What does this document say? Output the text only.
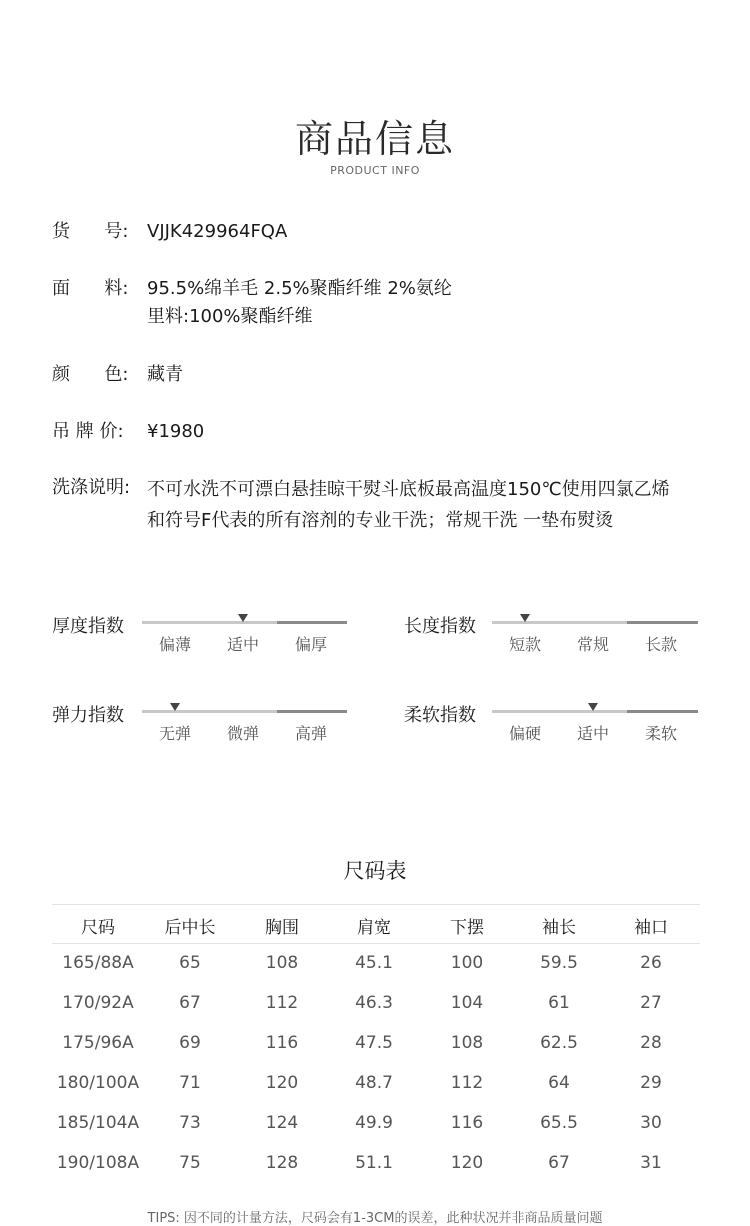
商品信息
PRODUCT INFO
货      号: VJJK429964FQA
面      料: 95.5%绵羊毛 2.5%聚酯纤维 2%氨纶
里料:100%聚酯纤维
颜      色: 藏青
吊 牌 价: ¥1980
洗涤说明: 不可水洗不可漂白悬挂晾干熨斗底板最高温度150℃使用四氯乙烯
和符号F代表的所有溶剂的专业干洗；常规干洗 一垫布熨烫
厚度指数
偏薄	适中	偏厚
长度指数
短款	常规	长款
弹力指数
无弹	微弹	高弹
柔软指数
偏硬	适中	柔软
尺码表
尺码	后中长	胸围	肩宽	下摆	袖长	袖口
165/88A	65	108	45.1	100	59.5	26
170/92A	67	112	46.3	104	61	27
175/96A	69	116	47.5	108	62.5	28
180/100A	71	120	48.7	112	64	29
185/104A	73	124	49.9	116	65.5	30
190/108A	75	128	51.1	120	67	31
TIPS: 因不同的计量方法，尺码会有1-3CM的误差，此种状况并非商品质量问题
